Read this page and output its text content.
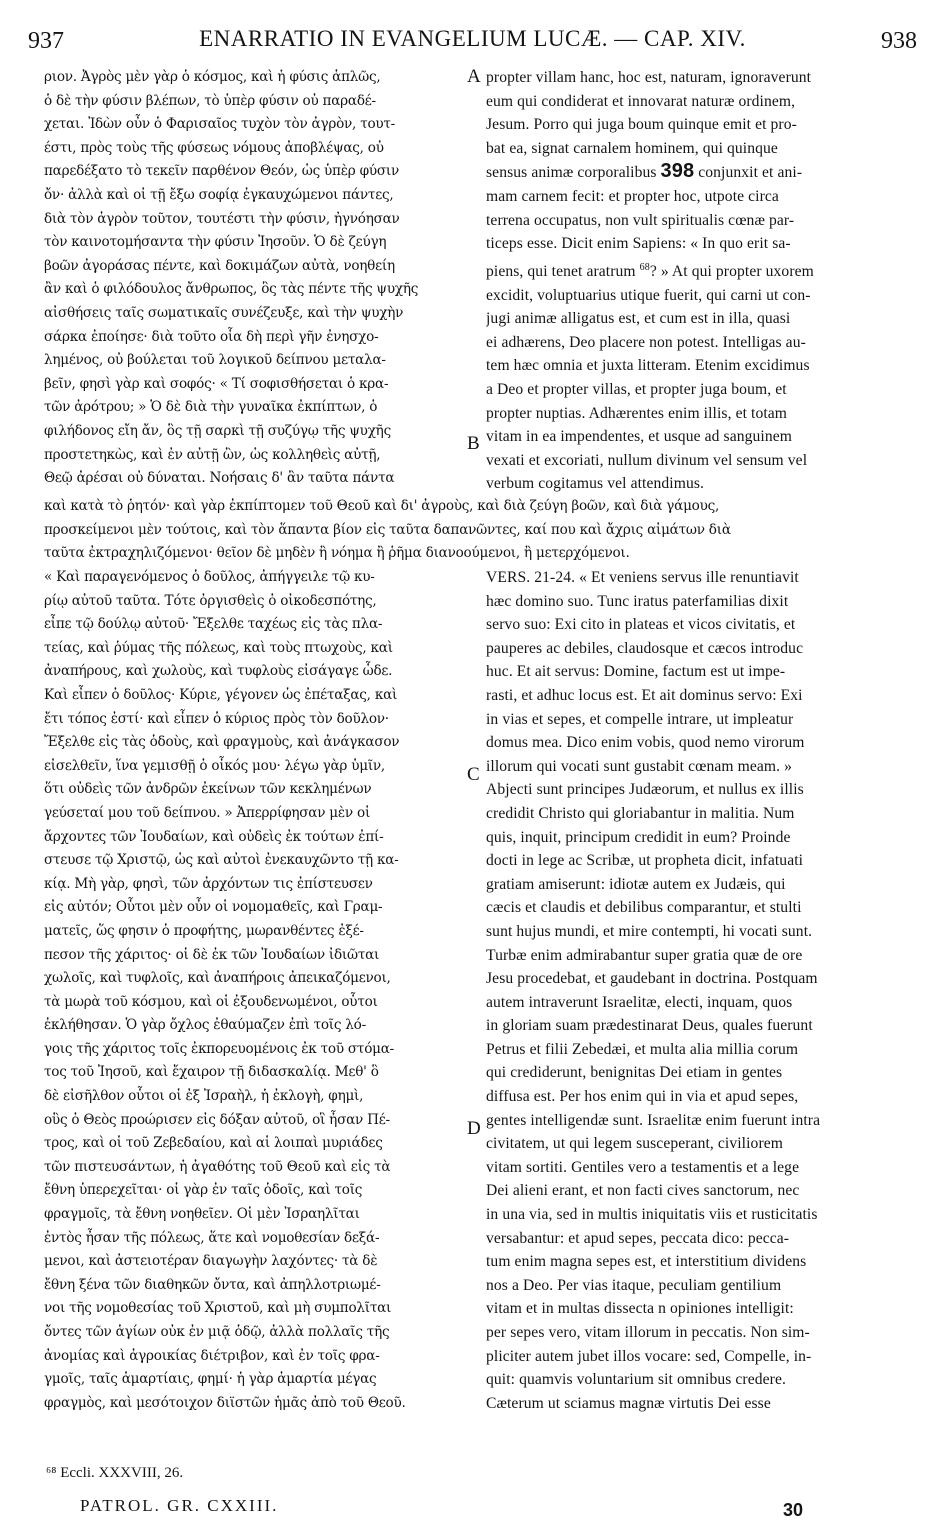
937	ENARRATIO IN EVANGELIUM LUCÆ. — CAP. XIV.	938
ριον. Ἀγρὸς μὲν γὰρ ὁ κόσμος, καὶ ἡ φύσις ἁπλῶς,
ὁ δὲ τὴν φύσιν βλέπων, τὸ ὑπὲρ φύσιν οὐ παραδέ-
χεται. Ἰδὼν οὖν ὁ Φαρισαῖος τυχὸν τὸν ἀγρὸν, τουτ-
έστι, πρὸς τοὺς τῆς φύσεως νόμους ἀποβλέψας, οὐ
παρεδέξατο τὸ τεκεῖν παρθένον Θεόν, ὡς ὑπὲρ φύσιν
ὄν· ἀλλὰ καὶ οἱ τῇ ἔξω σοφίᾳ ἐγκαυχώμενοι πάντες,
διὰ τὸν ἀγρὸν τοῦτον, τουτέστι τὴν φύσιν, ἠγνόησαν
τὸν καινοτομήσαντα τὴν φύσιν Ἰησοῦν. Ὁ δὲ ζεύγη
βοῶν ἀγοράσας πέντε, καὶ δοκιμάζων αὐτὰ, νοηθείη
ἂν καὶ ὁ φιλόδουλος ἄνθρωπος, ὃς τὰς πέντε τῆς ψυχῆς
αἰσθήσεις ταῖς σωματικαῖς συνέζευξε, καὶ τὴν ψυχὴν
σάρκα ἐποίησε· διὰ τοῦτο οἷα δὴ περὶ γῆν ἐνησχο-
λημένος, οὐ βούλεται τοῦ λογικοῦ δείπνου μεταλα-
βεῖν, φησὶ γὰρ καὶ σοφός· « Τί σοφισθήσεται ὁ κρα-
τῶν ἀρότρου; » Ὁ δὲ διὰ τὴν γυναῖκα ἐκπίπτων, ὁ
φιλήδονος εἴη ἄν, ὃς τῇ σαρκὶ τῇ συζύγῳ τῆς ψυχῆς
προστετηκὼς, καὶ ἐν αὐτῇ ὢν, ὡς κολληθεὶς αὐτῇ,
Θεῷ ἀρέσαι οὐ δύναται. Νοήσαις δ' ἂν ταῦτα πάντα
propter villam hanc, hoc est, naturam, ignoraverunt
eum qui condiderat et innovarat naturæ ordinem,
Jesum. Porro qui juga boum quinque emit et pro-
bat ea, signat carnalem hominem, qui quinque
sensus animæ corporalibus 398 conjunxit et ani-
mam carnem fecit: et propter hoc, utpote circa
terrena occupatus, non vult spiritualis cœnæ par-
ticeps esse. Dicit enim Sapiens: « In quo erit sa-
piens, qui tenet aratrum $^{68}$? » At qui propter uxorem
excidit, voluptuarius utique fuerit, qui carni ut con-
jugi animæ alligatus est, et cum est in illa, quasi
ei adhærens, Deo placere non potest. Intelligas au-
tem hæc omnia et juxta litteram. Etenim excidimus
a Deo et propter villas, et propter juga boum, et
propter nuptias. Adhærentes enim illis, et totam
vitam in ea impendentes, et usque ad sanguinem
vexati et excoriati, nullum divinum vel sensum vel
verbum cogitamus vel attendimus.
καὶ κατὰ τὸ ῥητόν· καὶ γὰρ ἐκπίπτομεν τοῦ Θεοῦ καὶ δι' ἀγροὺς, καὶ διὰ ζεύγη βοῶν, καὶ διὰ γάμους,
προσκείμενοι μὲν τούτοις, καὶ τὸν ἅπαντα βίον εἰς ταῦτα δαπανῶντες, καί που καὶ ἄχρις αἱμάτων διὰ
ταῦτα ἐκτραχηλιζόμενοι· θεῖον δὲ μηδὲν ἢ νόημα ἢ ῥῆμα διανοούμενοι, ἢ μετερχόμενοι.
« Καὶ παραγενόμενος ὁ δοῦλος, ἀπήγγειλε τῷ κυ-
ρίῳ αὐτοῦ ταῦτα. Τότε ὀργισθεὶς ὁ οἰκοδεσπότης,
εἶπε τῷ δούλῳ αὐτοῦ· Ἔξελθε ταχέως εἰς τὰς πλα-
τείας, καὶ ῥύμας τῆς πόλεως, καὶ τοὺς πτωχοὺς, καὶ
ἀναπήρους, καὶ χωλοὺς, καὶ τυφλοὺς εἰσάγαγε ὧδε.
Καὶ εἶπεν ὁ δοῦλος· Κύριε, γέγονεν ὡς ἐπέταξας, καὶ
ἔτι τόπος ἐστί· καὶ εἶπεν ὁ κύριος πρὸς τὸν δοῦλον·
Ἔξελθε εἰς τὰς ὁδοὺς, καὶ φραγμοὺς, καὶ ἀνάγκασον
εἰσελθεῖν, ἵνα γεμισθῇ ὁ οἶκός μου· λέγω γὰρ ὑμῖν,
ὅτι οὐδεὶς τῶν ἀνδρῶν ἐκείνων τῶν κεκλημένων
γεύσεταί μου τοῦ δείπνου. » Ἀπερρίφησαν μὲν οἱ
ἄρχοντες τῶν Ἰουδαίων, καὶ οὐδεὶς ἐκ τούτων ἐπί-
στευσε τῷ Χριστῷ, ὡς καὶ αὐτοὶ ἐνεκαυχῶντο τῇ κα-
κίᾳ. Μὴ γὰρ, φησὶ, τῶν ἀρχόντων τις ἐπίστευσεν
εἰς αὐτόν; Οὗτοι μὲν οὖν οἱ νομομαθεῖς, καὶ Γραμ-
ματεῖς, ὥς φησιν ὁ προφήτης, μωρανθέντες ἐξέ-
πεσον τῆς χάριτος· οἱ δὲ ἐκ τῶν Ἰουδαίων ἰδιῶται
χωλοῖς, καὶ τυφλοῖς, καὶ ἀναπήροις ἀπεικαζόμενοι,
τὰ μωρὰ τοῦ κόσμου, καὶ οἱ ἐξουδενωμένοι, οὗτοι
ἐκλήθησαν. Ὁ γὰρ ὄχλος ἐθαύμαζεν ἐπὶ τοῖς λό-
γοις τῆς χάριτος τοῖς ἐκπορευομένοις ἐκ τοῦ στόμα-
τος τοῦ Ἰησοῦ, καὶ ἔχαιρον τῇ διδασκαλίᾳ. Μεθ' ὃ
δὲ εἰσῆλθον οὗτοι οἱ ἐξ Ἰσραὴλ, ἡ ἐκλογὴ, φημὶ,
οὓς ὁ Θεὸς προώρισεν εἰς δόξαν αὐτοῦ, οἳ ἦσαν Πέ-
τρος, καὶ οἱ τοῦ Ζεβεδαίου, καὶ αἱ λοιπαὶ μυριάδες
τῶν πιστευσάντων, ἡ ἀγαθότης τοῦ Θεοῦ καὶ εἰς τὰ
ἔθνη ὑπερεχεῖται· οἱ γὰρ ἐν ταῖς ὁδοῖς, καὶ τοῖς
φραγμοῖς, τὰ ἔθνη νοηθεῖεν. Οἱ μὲν Ἰσραηλῖται
ἐντὸς ἦσαν τῆς πόλεως, ἅτε καὶ νομοθεσίαν δεξά-
μενοι, καὶ ἀστειοτέραν διαγωγὴν λαχόντες· τὰ δὲ
ἔθνη ξένα τῶν διαθηκῶν ὄντα, καὶ ἀπηλλοτριωμέ-
νοι τῆς νομοθεσίας τοῦ Χριστοῦ, καὶ μὴ συμπολῖται
ὄντες τῶν ἁγίων οὐκ ἐν μιᾷ ὁδῷ, ἀλλὰ πολλαῖς τῆς
ἀνομίας καὶ ἀγροικίας διέτριβον, καὶ ἐν τοῖς φρα-
γμοῖς, ταῖς ἁμαρτίαις, φημί· ἡ γὰρ ἁμαρτία μέγας
φραγμὸς, καὶ μεσότοιχον διϊστῶν ἡμᾶς ἀπὸ τοῦ Θεοῦ.
VERS. 21-24. « Et veniens servus ille renuntiavit
hæc domino suo. Tunc iratus paterfamilias dixit
servo suo: Exi cito in plateas et vicos civitatis, et
pauperes ac debiles, claudosque et cæcos introduc
huc. Et ait servus: Domine, factum est ut impe-
rasti, et adhuc locus est. Et ait dominus servo: Exi
in vias et sepes, et compelle intrare, ut impleatur
domus mea. Dico enim vobis, quod nemo virorum
illorum qui vocati sunt gustabit cœnam meam. »
Abjecti sunt principes Judæorum, et nullus ex illis
credidit Christo qui gloriabantur in malitia. Num
quis, inquit, principum credidit in eum? Proinde
docti in lege ac Scribæ, ut propheta dicit, infatuati
gratiam amiserunt: idiotæ autem ex Judæis, qui
cæcis et claudis et debilibus comparantur, et stulti
sunt hujus mundi, et mire contempti, hi vocati sunt.
Turbæ enim admirabantur super gratia quæ de ore
Jesu procedebat, et gaudebant in doctrina. Postquam
autem intraverunt Israelitæ, electi, inquam, quos
in gloriam suam prædestinarat Deus, quales fuerunt
Petrus et filii Zebedæi, et multa alia millia corum
qui crediderunt, benignitas Dei etiam in gentes
diffusa est. Per hos enim qui in via et apud sepes,
gentes intelligendæ sunt. Israelitæ enim fuerunt intra
civitatem, ut qui legem susceperant, civiliorem
vitam sortiti. Gentiles vero a testamentis et a lege
Dei alieni erant, et non facti cives sanctorum, nec
in una via, sed in multis iniquitatis viis et rusticitatis
versabantur: et apud sepes, peccata dico: pecca-
tum enim magna sepes est, et interstitium dividens
nos a Deo. Per vias itaque, peculiam gentilium
vitam et in multas dissecta n opiniones intelligit:
per sepes vero, vitam illorum in peccatis. Non sim-
pliciter autem jubet illos vocare: sed, Compelle, in-
quit: quamvis voluntarium sit omnibus credere.
Cæterum ut sciamus magnæ virtutis Dei esse
A
B
C
D
⁶⁸ Eccli. XXXVIII, 26.
PATROL. GR. CXXIII.	30
